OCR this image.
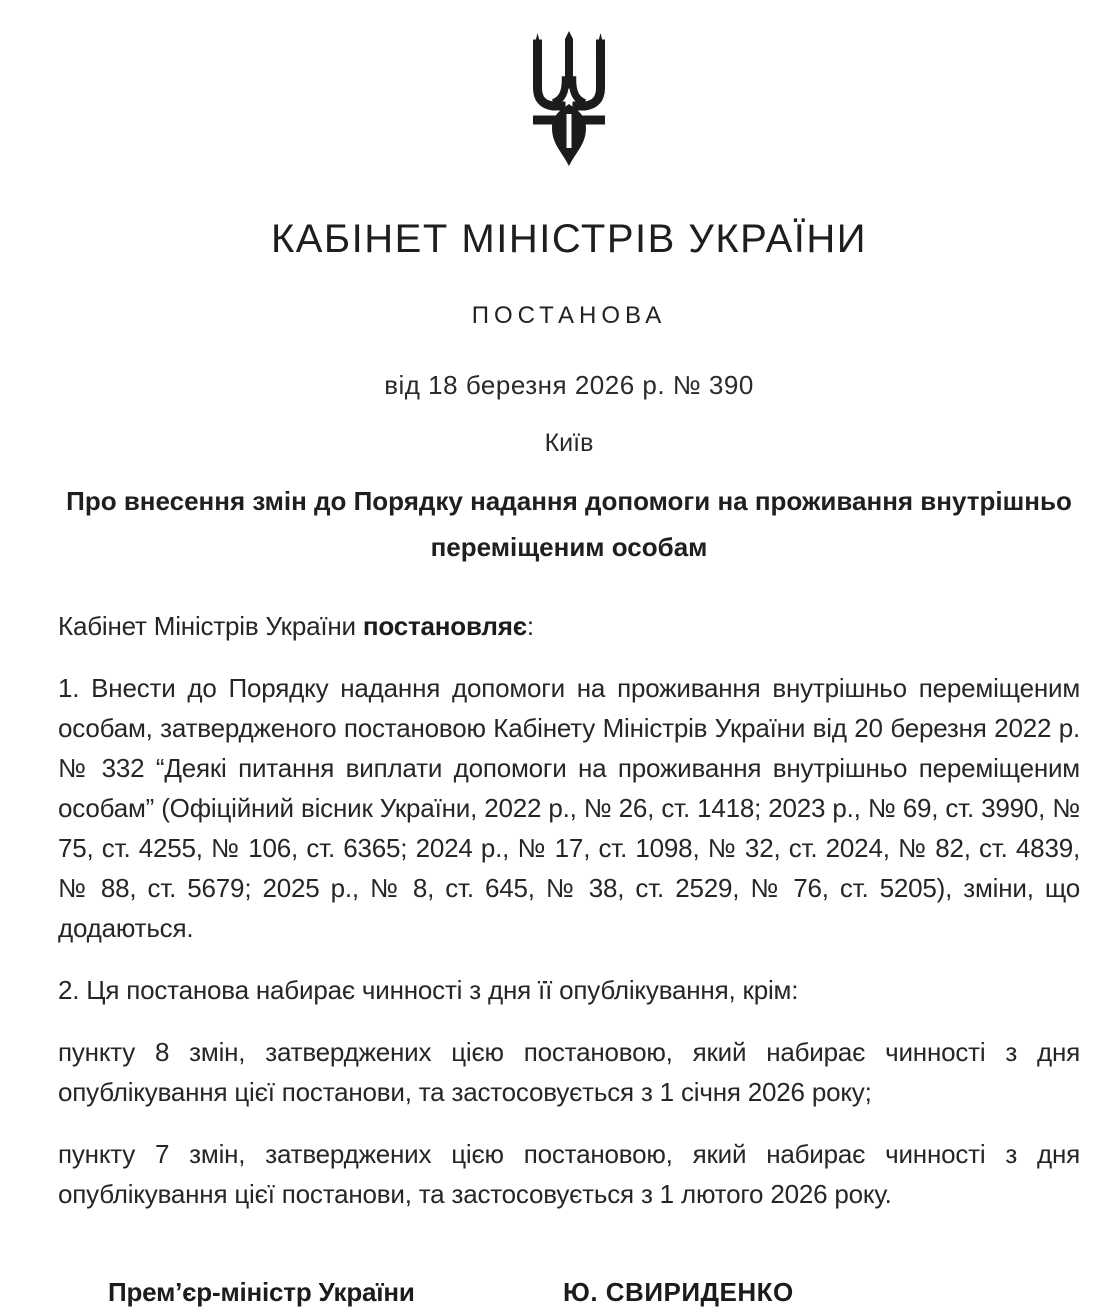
КАБІНЕТ МІНІСТРІВ УКРАЇНИ
ПОСТАНОВА
від 18 березня 2026 р. № 390
Київ
Про внесення змін до Порядку надання допомоги на проживання внутрішньо переміщеним особам

Кабінет Міністрів України постановляє:

1. Внести до Порядку надання допомоги на проживання внутрішньо переміщеним особам, затвердженого постановою Кабінету Міністрів України від 20 березня 2022 р. № 332 “Деякі питання виплати допомоги на проживання внутрішньо переміщеним особам” (Офіційний вісник України, 2022 р., № 26, ст. 1418; 2023 р., № 69, ст. 3990, № 75, ст. 4255, № 106, ст. 6365; 2024 р., № 17, ст. 1098, № 32, ст. 2024, № 82, ст. 4839, № 88, ст. 5679; 2025 р., № 8, ст. 645, № 38, ст. 2529, № 76, ст. 5205), зміни, що додаються.

2. Ця постанова набирає чинності з дня її опублікування, крім:

пункту 8 змін, затверджених цією постановою, який набирає чинності з дня опублікування цієї постанови, та застосовується з 1 січня 2026 року;

пункту 7 змін, затверджених цією постановою, який набирає чинності з дня опублікування цієї постанови, та застосовується з 1 лютого 2026 року.

Прем’єр-міністр України	Ю. СВИРИДЕНКО
